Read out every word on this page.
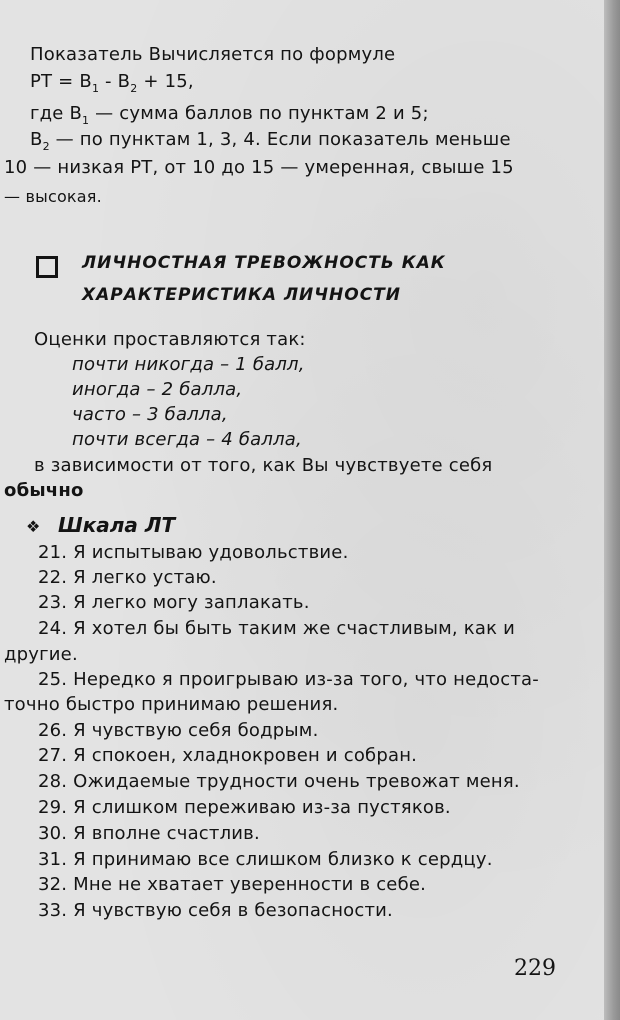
Показатель Вычисляется по формуле
РТ = $В_1 - В_2 + 15$,
где $В_1$ — сумма баллов по пунктам 2 и 5;
$В_2$ — по пунктам 1, 3, 4. Если показатель меньше
10 — низкая РТ, от 10 до 15 — умеренная, свыше 15
— высокая.
ЛИЧНОСТНАЯ ТРЕВОЖНОСТЬ КАК
ХАРАКТЕРИСТИКА ЛИЧНОСТИ
Оценки проставляются так:
почти никогда – 1 балл,
иногда – 2 балла,
часто – 3 балла,
почти всегда – 4 балла,
в зависимости от того, как Вы чувствуете себя
обычно
❖ Шкала ЛТ
21. Я испытываю удовольствие.
22. Я легко устаю.
23. Я легко могу заплакать.
24. Я хотел бы быть таким же счастливым, как и
другие.
25. Нередко я проигрываю из-за того, что недоста-
точно быстро принимаю решения.
26. Я чувствую себя бодрым.
27. Я спокоен, хладнокровен и собран.
28. Ожидаемые трудности очень тревожат меня.
29. Я слишком переживаю из-за пустяков.
30. Я вполне счастлив.
31. Я принимаю все слишком близко к сердцу.
32. Мне не хватает уверенности в себе.
33. Я чувствую себя в безопасности.
229
